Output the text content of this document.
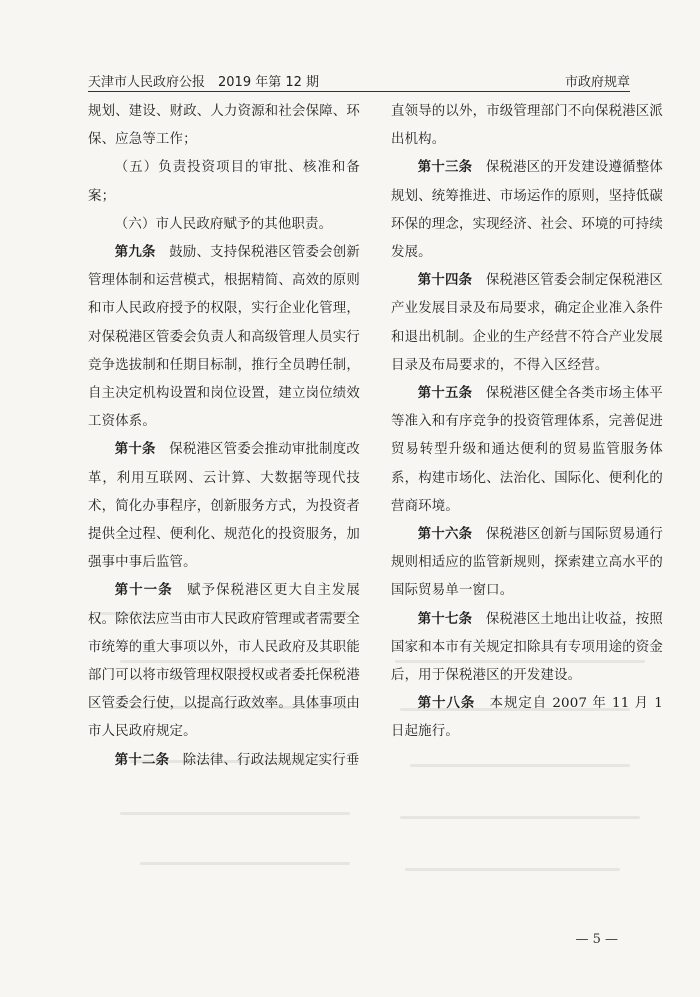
天津市人民政府公报　2019 年第 12 期	市政府规章

规划、建设、财政、人力资源和社会保障、环保、应急等工作；

（五）负责投资项目的审批、核准和备案；

（六）市人民政府赋予的其他职责。

第九条　鼓励、支持保税港区管委会创新管理体制和运营模式，根据精简、高效的原则和市人民政府授予的权限，实行企业化管理，对保税港区管委会负责人和高级管理人员实行竞争选拔制和任期目标制，推行全员聘任制，自主决定机构设置和岗位设置，建立岗位绩效工资体系。

第十条　保税港区管委会推动审批制度改革，利用互联网、云计算、大数据等现代技术，简化办事程序，创新服务方式，为投资者提供全过程、便利化、规范化的投资服务，加强事中事后监管。

第十一条　赋予保税港区更大自主发展权。除依法应当由市人民政府管理或者需要全市统筹的重大事项以外，市人民政府及其职能部门可以将市级管理权限授权或者委托保税港区管委会行使，以提高行政效率。具体事项由市人民政府规定。

第十二条　除法律、行政法规规定实行垂

直领导的以外，市级管理部门不向保税港区派出机构。

第十三条　保税港区的开发建设遵循整体规划、统筹推进、市场运作的原则，坚持低碳环保的理念，实现经济、社会、环境的可持续发展。

第十四条　保税港区管委会制定保税港区产业发展目录及布局要求，确定企业准入条件和退出机制。企业的生产经营不符合产业发展目录及布局要求的，不得入区经营。

第十五条　保税港区健全各类市场主体平等准入和有序竞争的投资管理体系，完善促进贸易转型升级和通达便利的贸易监管服务体系，构建市场化、法治化、国际化、便利化的营商环境。

第十六条　保税港区创新与国际贸易通行规则相适应的监管新规则，探索建立高水平的国际贸易单一窗口。

第十七条　保税港区土地出让收益，按照国家和本市有关规定扣除具有专项用途的资金后，用于保税港区的开发建设。

第十八条　本规定自 2007 年 11 月 1 日起施行。

— 5 —
